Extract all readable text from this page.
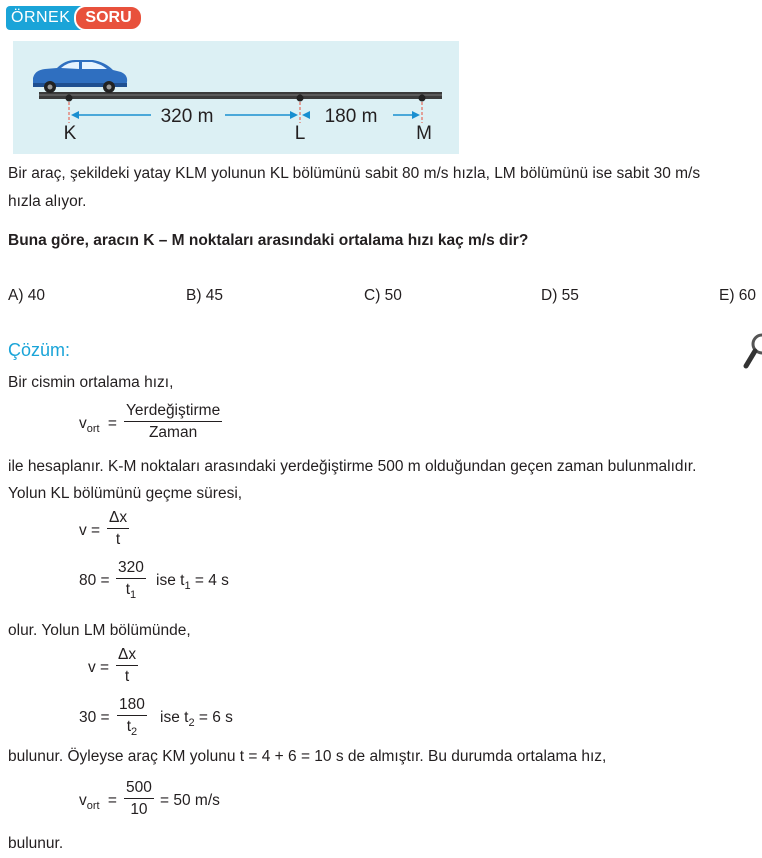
ÖRNEK SORU
320 m	180 m
K	L	M
Bir araç, şekildeki yatay KLM yolunun KL bölümünü sabit 80 m/s hızla, LM bölümünü ise sabit 30 m/s
hızla alıyor.
Buna göre, aracın K – M noktaları arasındaki ortalama hızı kaç m/s dir?
A) 40	B) 45	C) 50	D) 55	E) 60
Çözüm:
Bir cismin ortalama hızı,
$v_{ort}$ =
Yerdeğiştirme
Zaman
ile hesaplanır. K-M noktaları arasındaki yerdeğiştirme 500 m olduğundan geçen zaman bulunmalıdır.
Yolun KL bölümünü geçme süresi,
v =
Δx
t
80 =
320
$t_1$
ise $t_1 = 4$ s
olur. Yolun LM bölümünde,
v =
Δx
t
30 =
180
$t_2$
ise $t_2 = 6$ s
bulunur. Öyleyse araç KM yolunu t = 4 + 6 = 10 s de almıştır. Bu durumda ortalama hız,
$v_{ort}$ =
500
10
= 50 m/s
bulunur.
